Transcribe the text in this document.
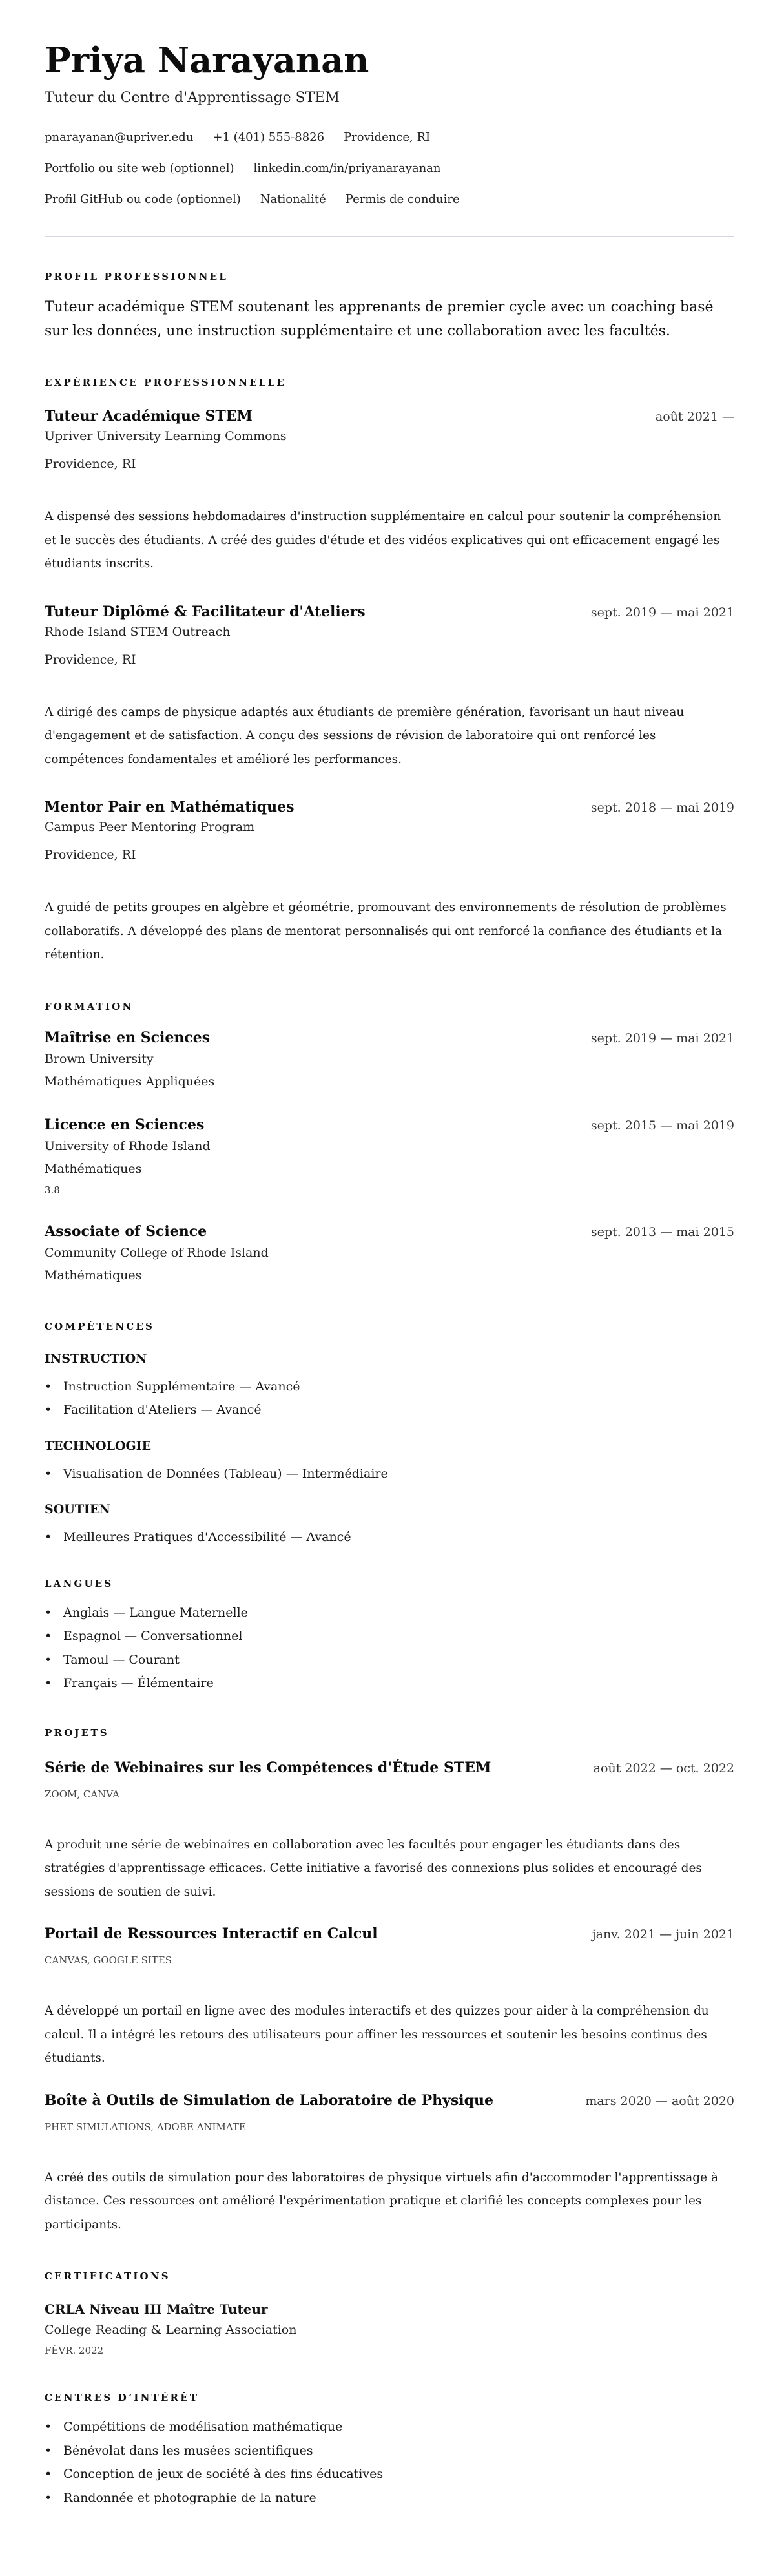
Priya Narayanan
Tuteur du Centre d'Apprentissage STEM
pnarayanan@upriver.edu +1 (401) 555-8826 Providence, RI
Portfolio ou site web (optionnel) linkedin.com/in/priyanarayanan
Profil GitHub ou code (optionnel) Nationalité Permis de conduire
PROFIL PROFESSIONNEL
Tuteur académique STEM soutenant les apprenants de premier cycle avec un coaching basé sur les données, une instruction supplémentaire et une collaboration avec les facultés.
EXPÉRIENCE PROFESSIONNELLE
Tuteur Académique STEM	août 2021 —
Upriver University Learning Commons
Providence, RI
A dispensé des sessions hebdomadaires d'instruction supplémentaire en calcul pour soutenir la compréhension et le succès des étudiants. A créé des guides d'étude et des vidéos explicatives qui ont efficacement engagé les étudiants inscrits.
Tuteur Diplômé & Facilitateur d'Ateliers	sept. 2019 — mai 2021
Rhode Island STEM Outreach
Providence, RI
A dirigé des camps de physique adaptés aux étudiants de première génération, favorisant un haut niveau d'engagement et de satisfaction. A conçu des sessions de révision de laboratoire qui ont renforcé les compétences fondamentales et amélioré les performances.
Mentor Pair en Mathématiques	sept. 2018 — mai 2019
Campus Peer Mentoring Program
Providence, RI
A guidé de petits groupes en algèbre et géométrie, promouvant des environnements de résolution de problèmes collaboratifs. A développé des plans de mentorat personnalisés qui ont renforcé la confiance des étudiants et la rétention.
FORMATION
Maîtrise en Sciences	sept. 2019 — mai 2021
Brown University
Mathématiques Appliquées
Licence en Sciences	sept. 2015 — mai 2019
University of Rhode Island
Mathématiques
3.8
Associate of Science	sept. 2013 — mai 2015
Community College of Rhode Island
Mathématiques
COMPÉTENCES
INSTRUCTION
• Instruction Supplémentaire — Avancé
• Facilitation d'Ateliers — Avancé
TECHNOLOGIE
• Visualisation de Données (Tableau) — Intermédiaire
SOUTIEN
• Meilleures Pratiques d'Accessibilité — Avancé
LANGUES
• Anglais — Langue Maternelle
• Espagnol — Conversationnel
• Tamoul — Courant
• Français — Élémentaire
PROJETS
Série de Webinaires sur les Compétences d'Étude STEM	août 2022 — oct. 2022
ZOOM, CANVA
A produit une série de webinaires en collaboration avec les facultés pour engager les étudiants dans des stratégies d'apprentissage efficaces. Cette initiative a favorisé des connexions plus solides et encouragé des sessions de soutien de suivi.
Portail de Ressources Interactif en Calcul	janv. 2021 — juin 2021
CANVAS, GOOGLE SITES
A développé un portail en ligne avec des modules interactifs et des quizzes pour aider à la compréhension du calcul. Il a intégré les retours des utilisateurs pour affiner les ressources et soutenir les besoins continus des étudiants.
Boîte à Outils de Simulation de Laboratoire de Physique	mars 2020 — août 2020
PHET SIMULATIONS, ADOBE ANIMATE
A créé des outils de simulation pour des laboratoires de physique virtuels afin d'accommoder l'apprentissage à distance. Ces ressources ont amélioré l'expérimentation pratique et clarifié les concepts complexes pour les participants.
CERTIFICATIONS
CRLA Niveau III Maître Tuteur
College Reading & Learning Association
FÉVR. 2022
CENTRES D’INTÉRÊT
• Compétitions de modélisation mathématique
• Bénévolat dans les musées scientifiques
• Conception de jeux de société à des fins éducatives
• Randonnée et photographie de la nature
